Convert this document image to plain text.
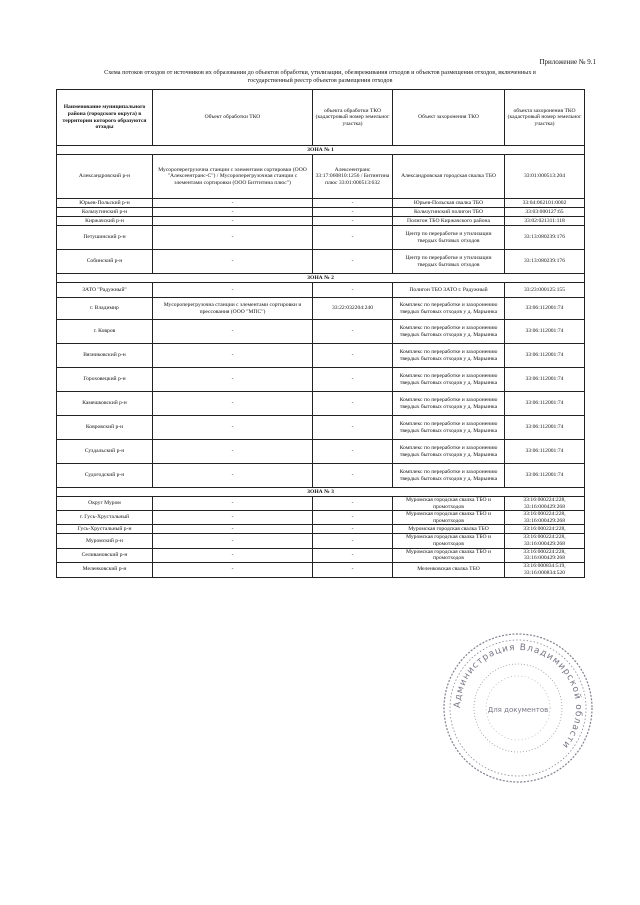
Приложение № 9.1
Схема потоков отходов от источников их образования до объектов обработки, утилизации, обезвреживания отходов и объектов размещения отходов, включенных в
государственный реестр объектов размещения отходов
Наименование муниципального района (городского округа) в территории которого образуются отходы	Объект обработки ТКО	объекта обработки ТКО (кадастровый номер земельног участка)	Объект захоронения ТКО	объекта захоронения ТКО (кадастровый номер земельног участка)
ЗОНА № 1				
Александровский р-н	Мусороперегрузочна станции с элементами сортировки (ООО "Алексеентранс-С") / Мусороперегрузочная станции с элементами сортировки (ООО Биттитина плюс")	Алексеентранс 33:17:060810:1256 / Битинтина плюс 33:01:000513:632	Александровская городская свалка ТБО	33:01:000513:204
Юрьев-Польский р-н	-	-	Юрьев-Польская свалка ТБО	33:04:062101:0002
Кольчугинский р-н	-	-	Кольчугинский полигон ТБО	33:03:000127:65
Киржачский р-н	-	-	Полигон ТБО Киржачского района	33:02:021311:118
Петушинский р-н	-	-	Центр по переработке и утилизации твердых бытовых отходов	33:13:080239:176
Собинский р-н	-	-	Центр по переработке и утилизации твердых бытовых отходов	33:13:080239:176
ЗОНА № 2				
ЗАТО "Радужный"	-	-	Полигон ТБО ЗАТО г. Радужный	33:23:000125:155
г. Владимир	Мусороперегрузочна станции с элементами сортировки и прессования (ООО "МПС")	33:22:032204:240	Комплекс по переработке и захоронению твердых бытовых отходов у д. Марьинка	33:06:112001:74
г. Ковров	-	-	Комплекс по переработке и захоронению твердых бытовых отходов у д. Марьинка	33:06:112001:74
Вязниковский р-н	-	-	Комплекс по переработке и захоронению твердых бытовых отходов у д. Марьинка	33:06:112001:74
Гороховецкий р-н	-	-	Комплекс по переработке и захоронению твердых бытовых отходов у д. Марьинка	33:06:112001:74
Камешковский р-н	-	-	Комплекс по переработке и захоронению твердых бытовых отходов у д. Марьинка	33:06:112001:74
Ковровский р-н	-	-	Комплекс по переработке и захоронению твердых бытовых отходов у д. Марьинка	33:06:112001:74
Суздальский р-н	-	-	Комплекс по переработке и захоронению твердых бытовых отходов у д. Марьинка	33:06:112001:74
Судогодский р-н	-	-	Комплекс по переработке и захоронению твердых бытовых отходов у д. Марьинка	33:06:112001:74
ЗОНА № 3				
Округ Муром	-	-	Муромская городская свалка ТБО и промотходов	33:16:000224:228, 33:16:000429:268
г. Гусь-Хрустальный	-	-	Муромская городская свалка ТБО и промотходов	33:16:000224:228, 33:16:000429:268
Гусь-Хрустальный р-н	-	-	Муромская городская свалка ТБО	33:16:000224:228,
Муромский р-н	-	-	Муромская городская свалка ТБО и промотходов	33:16:000224:228, 33:16:000429:268
Селивановский р-н	-	-	Муромская городская свалка ТБО и промотходов	33:16:000224:228, 33:16:000429:268
Меленковский р-н	-	-	Меленковская свалка ТБО	33:16:000834:519, 33:16:000834:520
Администрация Владимирской области
Для документов
